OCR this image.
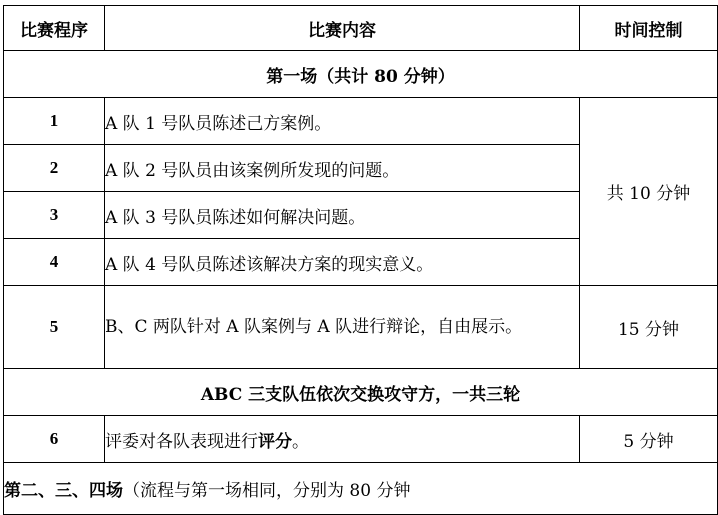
比赛程序	比赛内容	时间控制
第一场（共计 80 分钟）		
1	A 队 1 号队员陈述己方案例。	共 10 分钟
2	A 队 2 号队员由该案例所发现的问题。	
3	A 队 3 号队员陈述如何解决问题。	
4	A 队 4 号队员陈述该解决方案的现实意义。	
5	B、C 两队针对 A 队案例与 A 队进行辩论，自由展示。	15 分钟
ABC 三支队伍依次交换攻守方，一共三轮		
6	评委对各队表现进行评分。	5 分钟
第二、三、四场（流程与第一场相同，分别为 80 分钟		
